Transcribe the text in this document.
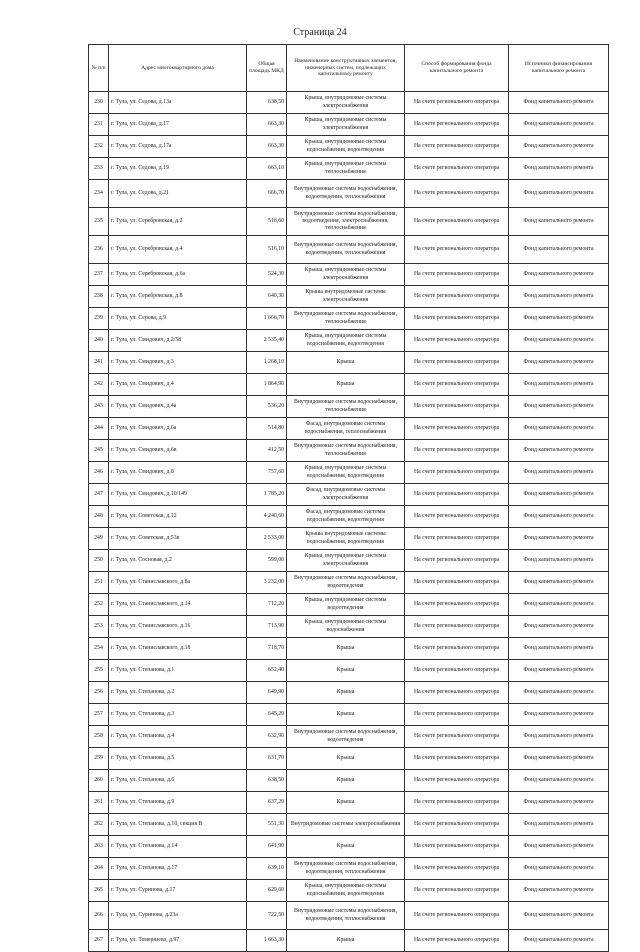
Страница 24
№ п/п	Адрес многоквартирного дома	Общая площадь МКД	Наименование конструктивных элементов, инженерных систем, подлежащих капитальному ремонту	Способ формирования фонда капитального ремонта	Источники финансирования капитального ремонта
230	г. Тула, ул. Седова, д.13а	638,50	Крыша, внутридомовые системы электроснабжения	На счете регионального оператора	Фонд капитального ремонта
231	г. Тула, ул. Седова, д.17	663,30	Крыша, внутридомовые системы электроснабжения	На счете регионального оператора	Фонд капитального ремонта
232	г. Тула, ул. Седова, д.17а	663,30	Крыша, внутридомовые системы водоснабжения, водоотведения	На счете регионального оператора	Фонд капитального ремонта
233	г. Тула, ул. Седова, д.19	663,10	Крыша, внутридомовые системы теплоснабжения	На счете регионального оператора	Фонд капитального ремонта
234	г. Тула, ул. Седова, д.21	666,70	Внутридомовые системы водоснабжения, водоотведения, теплоснабжения	На счете регионального оператора	Фонд капитального ремонта
235	г. Тула, ул. Серебровская, д.2	518,60	Внутридомовые системы водоснабжения, водоотведения, электроснабжения, теплоснабжения	На счете регионального оператора	Фонд капитального ремонта
236	г. Тула, ул. Серебровская, д.4	516,10	Внутридомовые системы водоснабжения, водоотведения, теплоснабжения	На счете регионального оператора	Фонд капитального ремонта
237	г. Тула, ул. Серебровская, д.6а	524,30	Крыша, внутридомовые системы электроснабжения	На счете регионального оператора	Фонд капитального ремонта
238	г. Тула, ул. Серебровская, д.8	640,30	Крыша внутридомовые системы электроснабжения	На счете регионального оператора	Фонд капитального ремонта
239	г. Тула, ул. Серова, д.9	1 666,70	Внутридомовые системы водоснабжения, теплоснабжения	На счете регионального оператора	Фонд капитального ремонта
240	г. Тула, ул. Смидович, д.2/58	2 535,40	Крыша, внутридомовые системы водоснабжения, водоотведения	На счете регионального оператора	Фонд капитального ремонта
241	г. Тула, ул. Смидович, д.3	1 268,10	Крыша	На счете регионального оператора	Фонд капитального ремонта
242	г. Тула, ул. Смидович, д.4	1 864,90	Крыша	На счете регионального оператора	Фонд капитального ремонта
243	г. Тула, ул. Смидович, д.4а	536,20	Внутридомовые системы водоснабжения, теплоснабжения	На счете регионального оператора	Фонд капитального ремонта
244	г. Тула, ул. Смидович, д.6а	514,80	Фасад, внутридомовые системы водоснабжения, теплоснабжения	На счете регионального оператора	Фонд капитального ремонта
245	г. Тула, ул. Смидович, д.6в	412,50	Внутридомовые системы водоснабжения, теплоснабжения	На счете регионального оператора	Фонд капитального ремонта
246	г. Тула, ул. Смидович, д.8	757,60	Крыша, внутридомовые системы водоснабжения, водоотведения	На счете регионального оператора	Фонд капитального ремонта
247	г. Тула, ул. Смидович, д.10/149	1 785,20	Фасад, внутридомовые системы электроснабжения	На счете регионального оператора	Фонд капитального ремонта
248	г. Тула, ул. Советская, д.12	4 240,60	Фасад, внутридомовые системы водоснабжения, водоотведения	На счете регионального оператора	Фонд капитального ремонта
249	г. Тула, ул. Советская, д.53в	2 533,00	Крыша внутридомовые системы водоснабжения, водоотведения	На счете регионального оператора	Фонд капитального ремонта
250	г. Тула, ул. Сосновая, д.2	599,00	Крыша, внутридомовые системы электроснабжения	На счете регионального оператора	Фонд капитального ремонта
251	г. Тула, ул. Станиславского, д.8а	3 232,00	Внутридомовые системы водоснабжения, водоотведения	На счете регионального оператора	Фонд капитального ремонта
252	г. Тула, ул. Станиславского, д.14	712,20	Крыша, внутридомовые системы водоотведения	На счете регионального оператора	Фонд капитального ремонта
253	г. Тула, ул. Станиславского, д.16	713,90	Крыша, внутридомовые системы водоснабжения	На счете регионального оператора	Фонд капитального ремонта
254	г. Тула, ул. Станиславского, д.18	718,70	Крыша	На счете регионального оператора	Фонд капитального ремонта
255	г. Тула, ул. Степанова, д.1	652,40	Крыша	На счете регионального оператора	Фонд капитального ремонта
256	г. Тула, ул. Степанова, д.2	649,90	Крыша	На счете регионального оператора	Фонд капитального ремонта
257	г. Тула, ул. Степанова, д.3	645,20	Крыша	На счете регионального оператора	Фонд капитального ремонта
258	г. Тула, ул. Степанова, д.4	632,90	Внутридомовые системы водоснабжения, водоотведения	На счете регионального оператора	Фонд капитального ремонта
259	г. Тула, ул. Степанова, д.5	631,70	Крыша	На счете регионального оператора	Фонд капитального ремонта
260	г. Тула, ул. Степанова, д.6	638,50	Крыша	На счете регионального оператора	Фонд капитального ремонта
261	г. Тула, ул. Степанова, д.9	637,20	Крыша	На счете регионального оператора	Фонд капитального ремонта
262	г. Тула, ул. Степанова, д.10, секция В	551,30	Внутридомовые системы электроснабжения	На счете регионального оператора	Фонд капитального ремонта
263	г. Тула, ул. Степанова, д.14	641,90	Крыша	На счете регионального оператора	Фонд капитального ремонта
264	г. Тула, ул. Степанова, д.17	639,10	Внутридомовые системы водоснабжения, водоотведения, теплоснабжения	На счете регионального оператора	Фонд капитального ремонта
265	г. Тула, ул. Суринова, д.17	629,60	Крыша, внутридомовые системы водоснабжения, водоотведения	На счете регионального оператора	Фонд капитального ремонта
266	г. Тула, ул. Суринова, д.23а	722,50	Внутридомовые системы водоснабжения, водоотведения, теплоснабжения	На счете регионального оператора	Фонд капитального ремонта
267	г. Тула, ул. Темерязева, д.97	1 663,30	Крыша	На счете регионального оператора	Фонд капитального ремонта
